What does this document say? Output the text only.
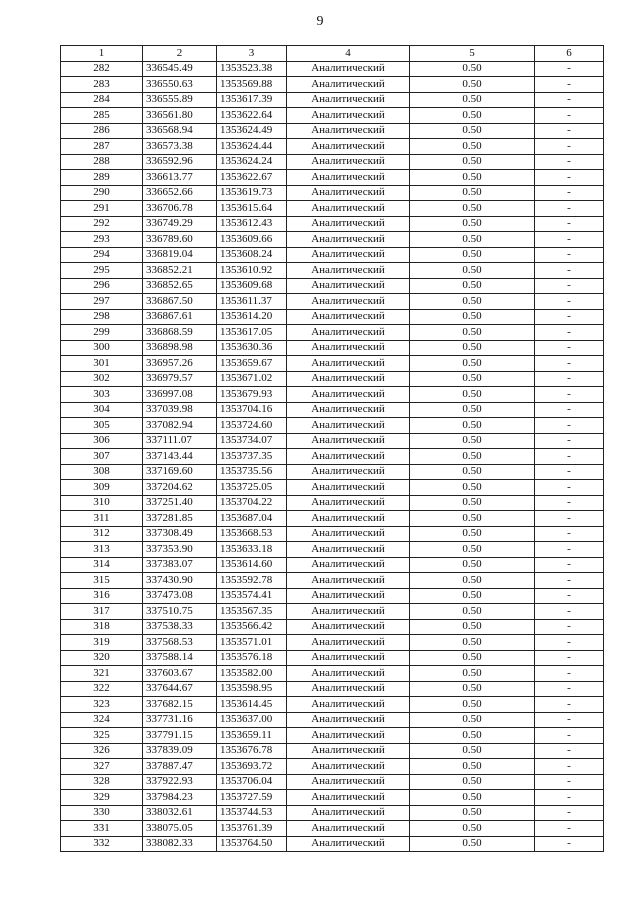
9
1	2	3	4	5	6
282	336545.49	1353523.38	Аналитический	0.50	-
283	336550.63	1353569.88	Аналитический	0.50	-
284	336555.89	1353617.39	Аналитический	0.50	-
285	336561.80	1353622.64	Аналитический	0.50	-
286	336568.94	1353624.49	Аналитический	0.50	-
287	336573.38	1353624.44	Аналитический	0.50	-
288	336592.96	1353624.24	Аналитический	0.50	-
289	336613.77	1353622.67	Аналитический	0.50	-
290	336652.66	1353619.73	Аналитический	0.50	-
291	336706.78	1353615.64	Аналитический	0.50	-
292	336749.29	1353612.43	Аналитический	0.50	-
293	336789.60	1353609.66	Аналитический	0.50	-
294	336819.04	1353608.24	Аналитический	0.50	-
295	336852.21	1353610.92	Аналитический	0.50	-
296	336852.65	1353609.68	Аналитический	0.50	-
297	336867.50	1353611.37	Аналитический	0.50	-
298	336867.61	1353614.20	Аналитический	0.50	-
299	336868.59	1353617.05	Аналитический	0.50	-
300	336898.98	1353630.36	Аналитический	0.50	-
301	336957.26	1353659.67	Аналитический	0.50	-
302	336979.57	1353671.02	Аналитический	0.50	-
303	336997.08	1353679.93	Аналитический	0.50	-
304	337039.98	1353704.16	Аналитический	0.50	-
305	337082.94	1353724.60	Аналитический	0.50	-
306	337111.07	1353734.07	Аналитический	0.50	-
307	337143.44	1353737.35	Аналитический	0.50	-
308	337169.60	1353735.56	Аналитический	0.50	-
309	337204.62	1353725.05	Аналитический	0.50	-
310	337251.40	1353704.22	Аналитический	0.50	-
311	337281.85	1353687.04	Аналитический	0.50	-
312	337308.49	1353668.53	Аналитический	0.50	-
313	337353.90	1353633.18	Аналитический	0.50	-
314	337383.07	1353614.60	Аналитический	0.50	-
315	337430.90	1353592.78	Аналитический	0.50	-
316	337473.08	1353574.41	Аналитический	0.50	-
317	337510.75	1353567.35	Аналитический	0.50	-
318	337538.33	1353566.42	Аналитический	0.50	-
319	337568.53	1353571.01	Аналитический	0.50	-
320	337588.14	1353576.18	Аналитический	0.50	-
321	337603.67	1353582.00	Аналитический	0.50	-
322	337644.67	1353598.95	Аналитический	0.50	-
323	337682.15	1353614.45	Аналитический	0.50	-
324	337731.16	1353637.00	Аналитический	0.50	-
325	337791.15	1353659.11	Аналитический	0.50	-
326	337839.09	1353676.78	Аналитический	0.50	-
327	337887.47	1353693.72	Аналитический	0.50	-
328	337922.93	1353706.04	Аналитический	0.50	-
329	337984.23	1353727.59	Аналитический	0.50	-
330	338032.61	1353744.53	Аналитический	0.50	-
331	338075.05	1353761.39	Аналитический	0.50	-
332	338082.33	1353764.50	Аналитический	0.50	-
